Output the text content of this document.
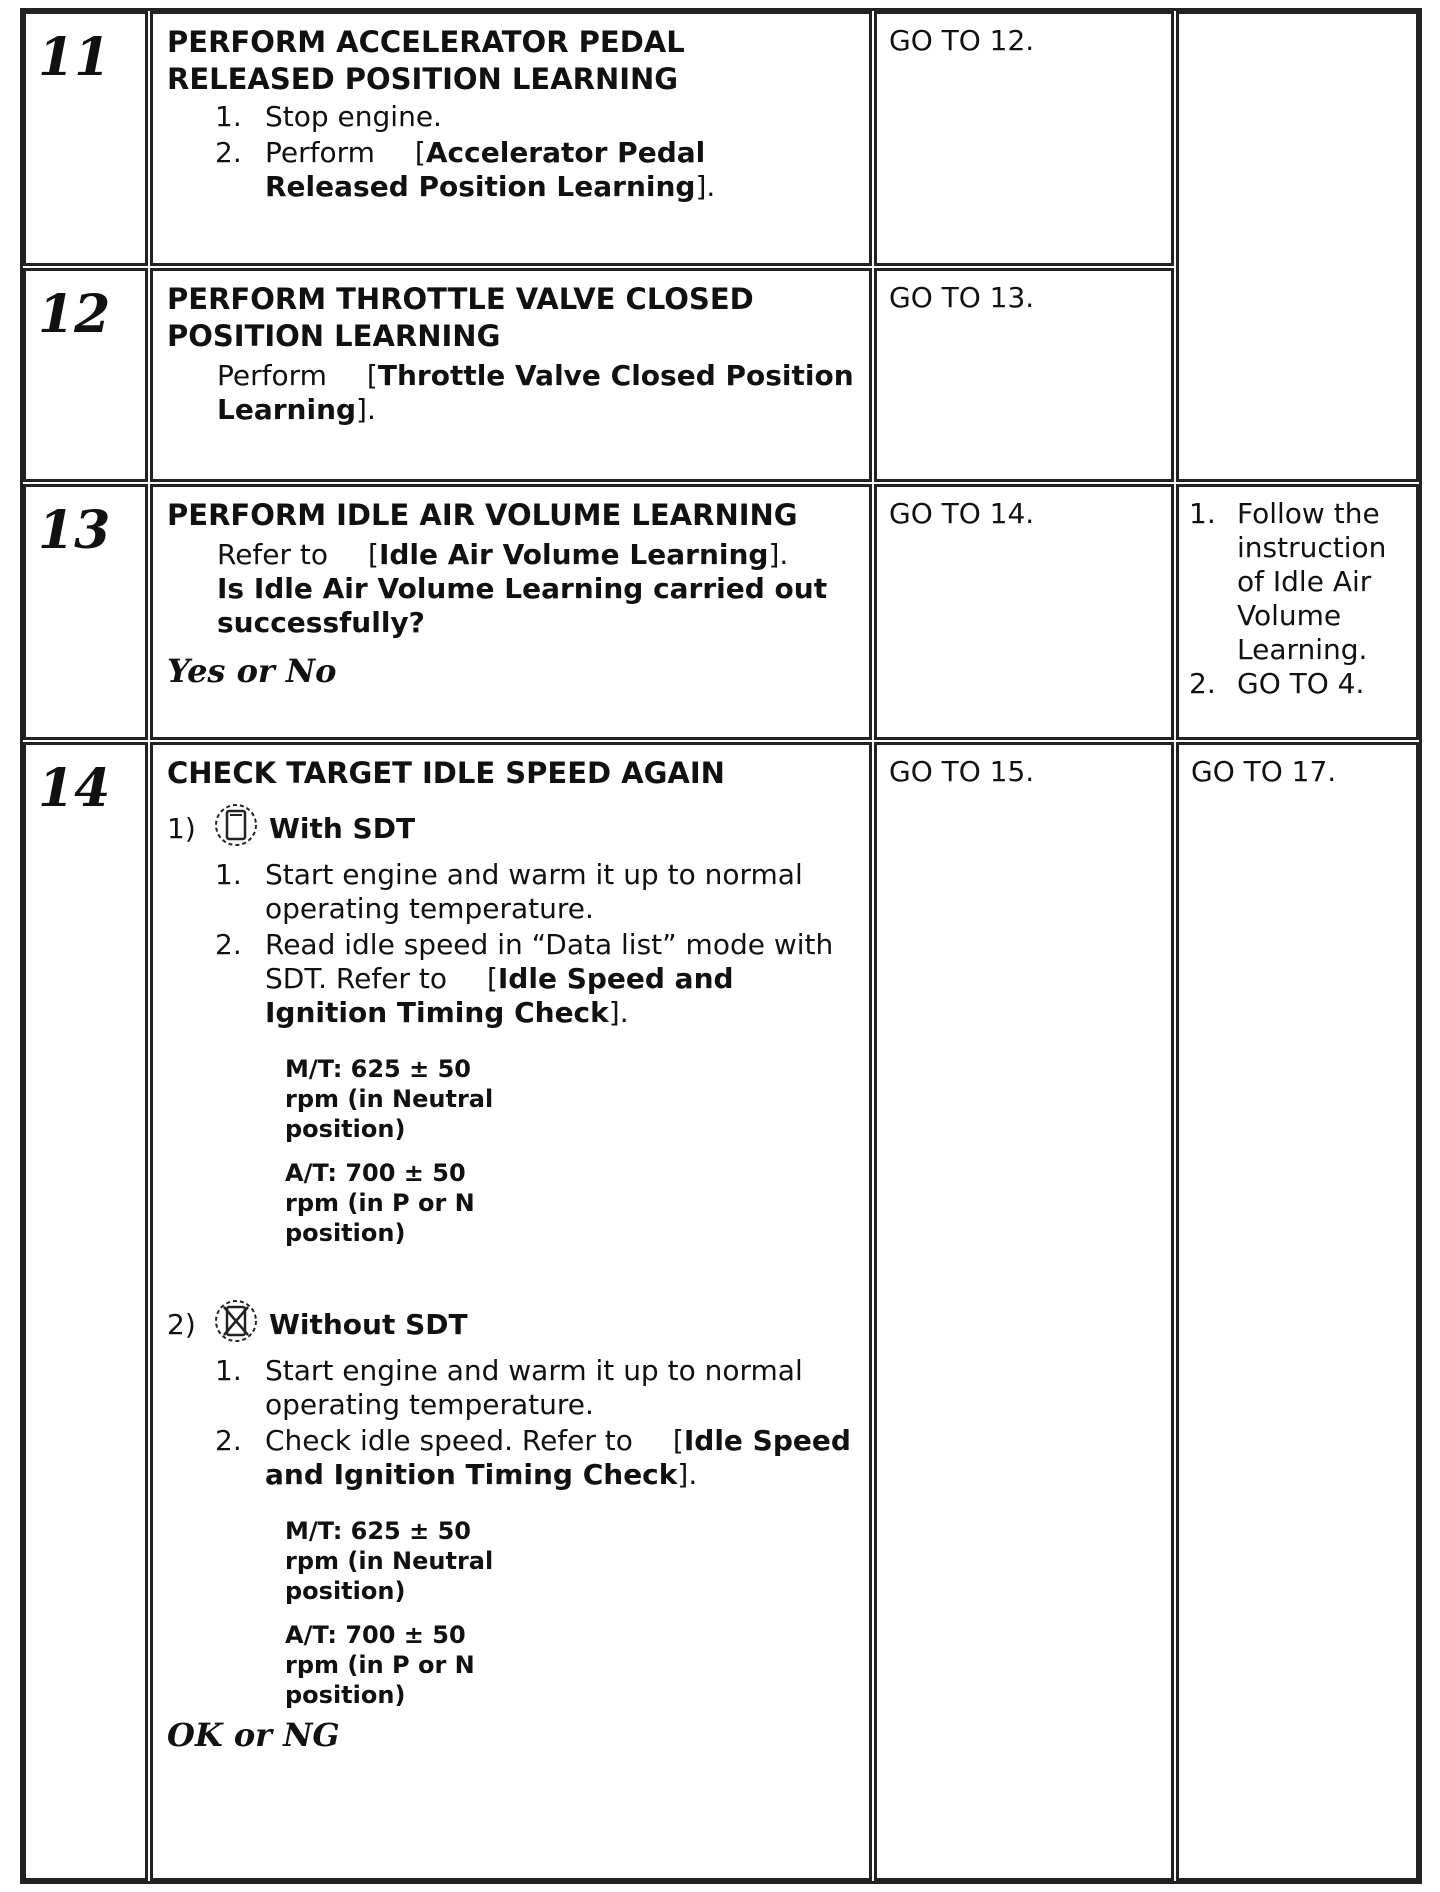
11	PERFORM ACCELERATOR PEDAL
RELEASED POSITION LEARNING
1. Stop engine.
2. Perform [Accelerator Pedal Released Position Learning].
GO TO 12.
12	PERFORM THROTTLE VALVE CLOSED
POSITION LEARNING
Perform [Throttle Valve Closed Position Learning].
GO TO 13.
13	PERFORM IDLE AIR VOLUME LEARNING
Refer to [Idle Air Volume Learning].
Is Idle Air Volume Learning carried out successfully?
Yes or No
GO TO 14.	1. Follow the instruction of Idle Air Volume Learning.
2. GO TO 4.
14	CHECK TARGET IDLE SPEED AGAIN
1)	With SDT
1. Start engine and warm it up to normal operating temperature.
2. Read idle speed in “Data list” mode with SDT. Refer to [Idle Speed and Ignition Timing Check].
M/T: 625 ± 50 rpm (in Neutral position)
A/T: 700 ± 50 rpm (in P or N position)
2)	Without SDT
1. Start engine and warm it up to normal operating temperature.
2. Check idle speed. Refer to [Idle Speed and Ignition Timing Check].
M/T: 625 ± 50 rpm (in Neutral position)
A/T: 700 ± 50 rpm (in P or N position)
OK or NG
GO TO 15.	GO TO 17.
